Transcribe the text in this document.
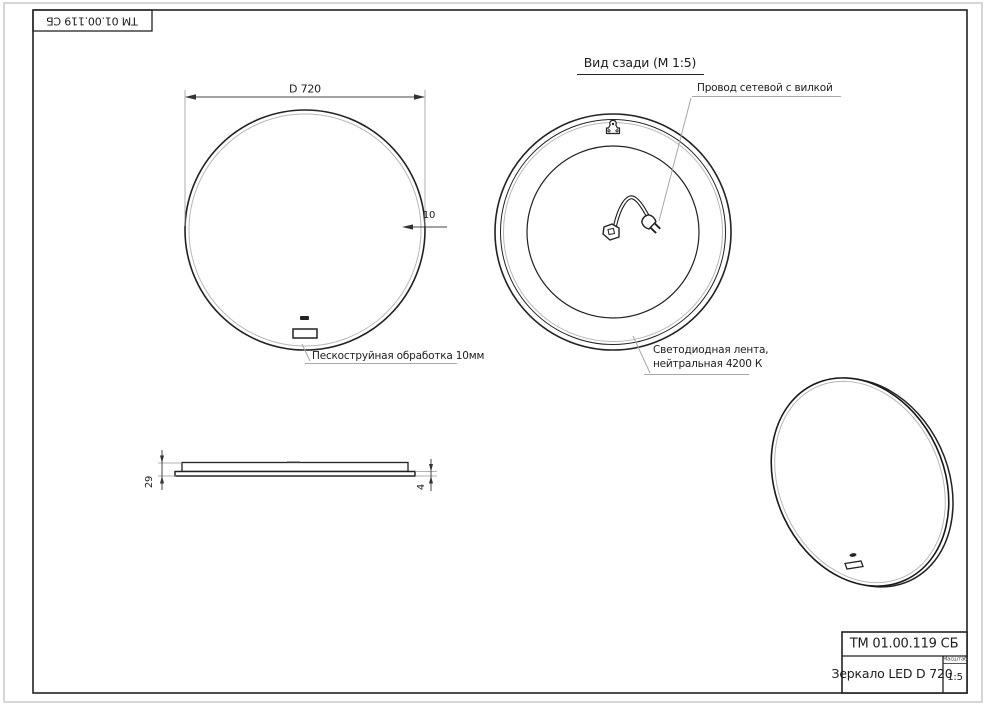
ТМ 01.00.119 СБ
D 720
10
Пескоструйная обработка 10мм
Вид сзади (М 1:5)
Провод сетевой с вилкой
Светодиодная лента,
нейтральная 4200 К
29	4
ТМ 01.00.119 СБ
Зеркало LED D 720
Масштаб
1:5
